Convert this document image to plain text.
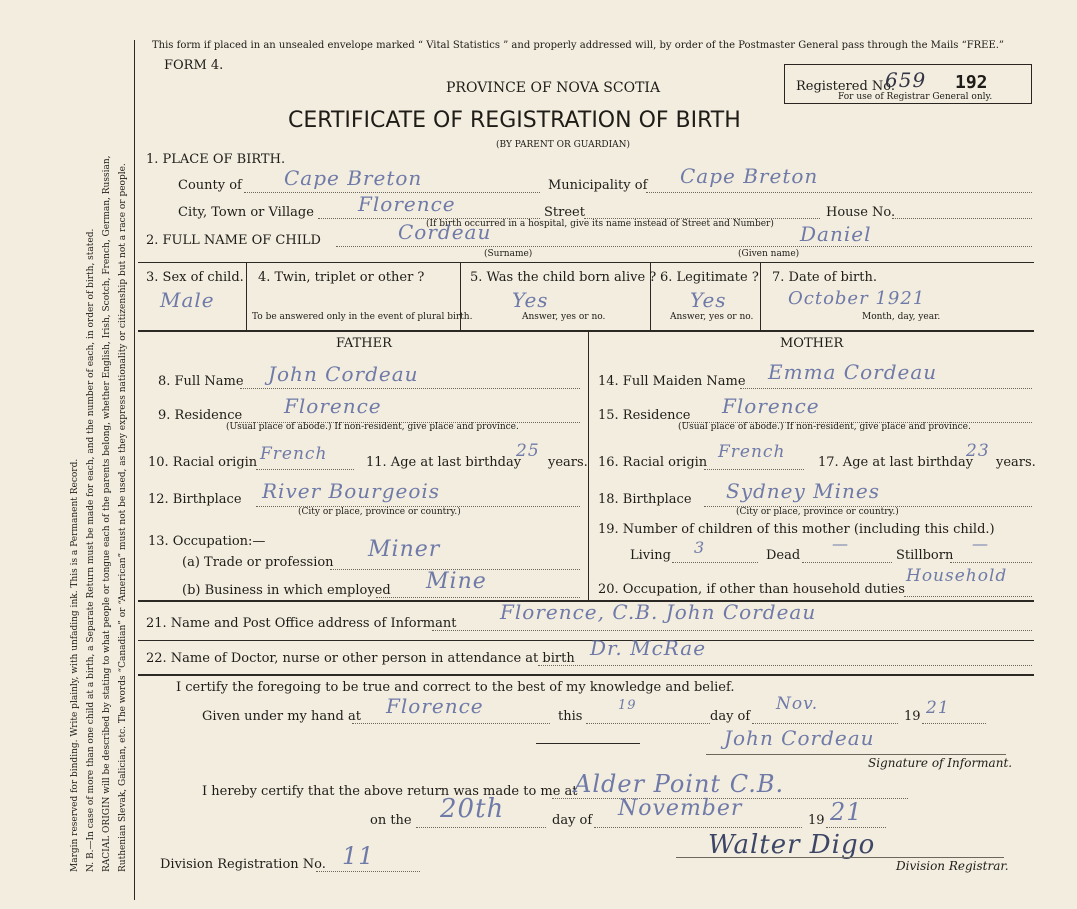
Margin reserved for binding. Write plainly, with unfading ink. This is a Permanent Record. N. B.—In case of more than one child at a birth, a Separate Return must be made for each, and the number of each, in order of birth, stated. RACIAL ORIGIN will be described by stating to what people or tongue each of the parents belong, whether English, Irish, Scotch, French, German, Russian, Ruthenian Slevak, Galician, etc. The words “Canadian” or “American” must not be used, as they express nationality or citizenship but not a race or people.
This form if placed in an unsealed envelope marked “ Vital Statistics ” and properly addressed will, by order of the Postmaster General pass through the Mails “FREE.”
FORM 4.
PROVINCE OF NOVA SCOTIA
CERTIFICATE OF REGISTRATION OF BIRTH
(BY PARENT OR GUARDIAN)
Registered No.
659 192
For use of Registrar General only.
1. PLACE OF BIRTH.
County of Cape Breton	Municipality of Cape Breton
City, Town or Village Florence	Street	House No.
(If birth occurred in a hospital, give its name instead of Street and Number)
2. FULL NAME OF CHILD	Cordeau	Daniel
(Surname)	(Given name)
3. Sex of child.
Male
4. Twin, triplet or other ?
To be answered only in the event of plural birth.
5. Was the child born alive ?
Yes
Answer, yes or no.
6. Legitimate ?
Yes
Answer, yes or no.
7. Date of birth.
October 1921
Month, day, year.
FATHER	MOTHER
8. Full Name John Cordeau
9. Residence Florence
(Usual place of abode.) If non-resident, give place and province.
10. Racial origin French	11. Age at last birthday
25
years.
12. Birthplace River Bourgeois
(City or place, province or country.)
13. Occupation:—
(a) Trade or profession
Miner
(b) Business in which employed Mine
14. Full Maiden Name Emma Cordeau
15. Residence Florence
(Usual place of abode.) If non-resident, give place and province.
16. Racial origin
French
17. Age at last birthday
23
years.
18. Birthplace Sydney Mines
(City or place, province or country.)
19. Number of children of this mother (including this child.)
Living 3	Dead
—
Stillborn
—
20. Occupation, if other than household duties
Household
21. Name and Post Office address of Informant Florence, C.B. John Cordeau
22. Name of Doctor, nurse or other person in attendance at birth Dr. McRae
I certify the foregoing to be true and correct to the best of my knowledge and belief.
Given under my hand at Florence	this
19
day of
Nov.
19 21
John Cordeau
Signature of Informant.
I hereby certify that the above return was made to me at
Alder Point C.B.
on the 20th	day of November	19 21
Division Registration No. 11	Walter Digo
Division Registrar.
